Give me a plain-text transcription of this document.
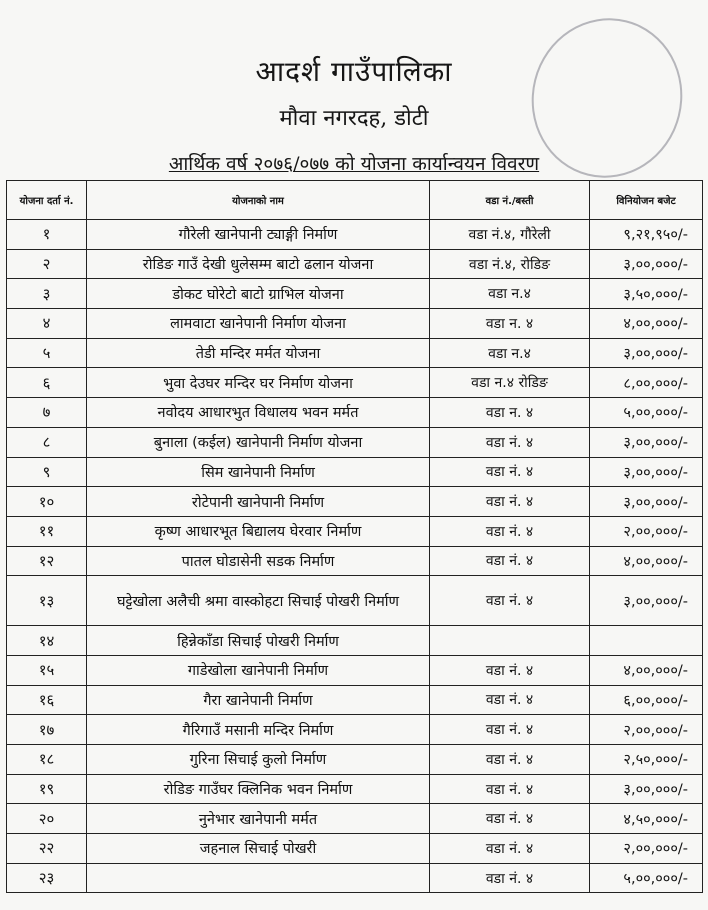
आदर्श गाउँपालिका
मौवा नगरदह, डोटी
आर्थिक वर्ष २०७६/०७७ को योजना कार्यान्वयन विवरण
योजना दर्ता नं.	योजनाको नाम	वडा नं./बस्ती	विनियोजन बजेट
१	गौरेली खानेपानी ट्याङ्गी निर्माण	वडा नं.४, गौरेली	९,२१,९५०/-
२	रोडिङ गाउँ देखी धुलेसम्म बाटो ढलान योजना	वडा नं.४, रोडिङ	३,००,०००/-
३	डोकट घोरेटो बाटो ग्राभिल योजना	वडा न.४	३,५०,०००/-
४	लामवाटा खानेपानी निर्माण योजना	वडा न. ४	४,००,०००/-
५	तेडी मन्दिर मर्मत योजना	वडा न.४	३,००,०००/-
६	भुवा देउघर मन्दिर घर निर्माण योजना	वडा न.४ रोडिङ	८,००,०००/-
७	नवोदय आधारभुत विधालय भवन मर्मत	वडा न. ४	५,००,०००/-
८	बुनाला (कईल) खानेपानी निर्माण योजना	वडा नं. ४	३,००,०००/-
९	सिम खानेपानी निर्माण	वडा नं. ४	३,००,०००/-
१०	रोटेपानी खानेपानी निर्माण	वडा नं. ४	३,००,०००/-
११	कृष्ण आधारभूत बिद्यालय घेरवार निर्माण	वडा नं. ४	२,००,०००/-
१२	पातल घोडासेनी सडक निर्माण	वडा नं. ४	४,००,०००/-
१३	घट्टेखोला अलैची श्रमा वास्कोहटा सिचाई पोखरी निर्माण	वडा नं. ४	३,००,०००/-
१४	हिन्नेकाँडा सिचाई पोखरी निर्माण		
१५	गाडेखोला खानेपानी निर्माण	वडा नं. ४	४,००,०००/-
१६	गैरा खानेपानी निर्माण	वडा नं. ४	६,००,०००/-
१७	गैरिगाउँ मसानी मन्दिर निर्माण	वडा नं. ४	२,००,०००/-
१८	गुरिना सिचाई कुलो निर्माण	वडा नं. ४	२,५०,०००/-
१९	रोडिङ गाउँघर क्लिनिक भवन निर्माण	वडा नं. ४	३,००,०००/-
२०	नुनेभार खानेपानी मर्मत	वडा नं. ४	४,५०,०००/-
२२	जहनाल सिचाई पोखरी	वडा नं. ४	२,००,०००/-
२३		वडा नं. ४	५,००,०००/-
